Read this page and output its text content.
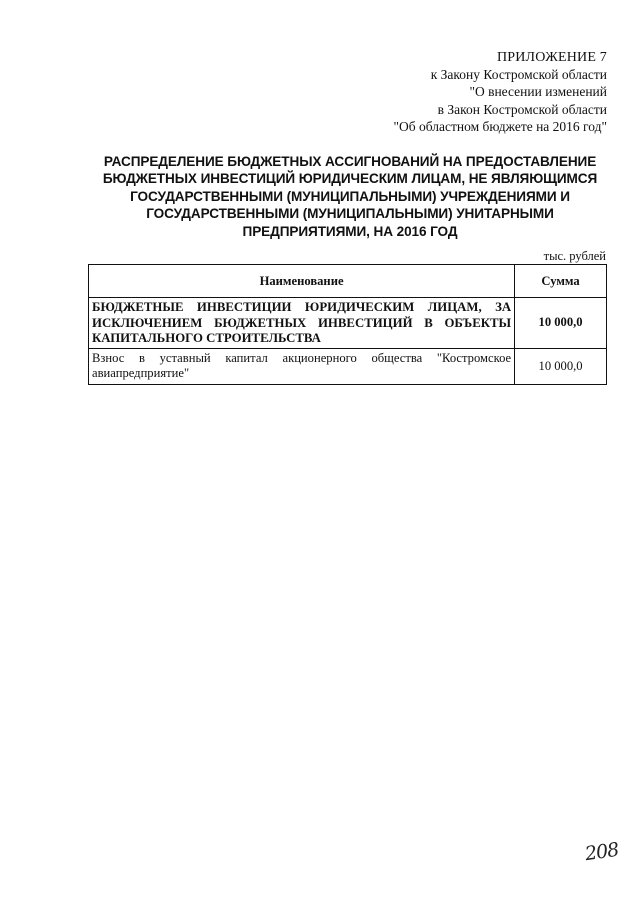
ПРИЛОЖЕНИЕ 7
к Закону Костромской области
"О внесении изменений
в Закон Костромской области
"Об областном бюджете на 2016 год"
РАСПРЕДЕЛЕНИЕ БЮДЖЕТНЫХ АССИГНОВАНИЙ НА ПРЕДОСТАВЛЕНИЕ
БЮДЖЕТНЫХ ИНВЕСТИЦИЙ ЮРИДИЧЕСКИМ ЛИЦАМ, НЕ ЯВЛЯЮЩИМСЯ
ГОСУДАРСТВЕННЫМИ (МУНИЦИПАЛЬНЫМИ) УЧРЕЖДЕНИЯМИ И
ГОСУДАРСТВЕННЫМИ (МУНИЦИПАЛЬНЫМИ) УНИТАРНЫМИ
ПРЕДПРИЯТИЯМИ, НА 2016 ГОД
тыс. рублей
Наименование	Сумма
БЮДЖЕТНЫЕ ИНВЕСТИЦИИ ЮРИДИЧЕСКИМ ЛИЦАМ, ЗА ИСКЛЮЧЕНИЕМ БЮДЖЕТНЫХ ИНВЕСТИЦИЙ В ОБЪЕКТЫ КАПИТАЛЬНОГО СТРОИТЕЛЬСТВА	10 000,0
Взнос в уставный капитал акционерного общества "Костромское авиапредприятие"	10 000,0
208
